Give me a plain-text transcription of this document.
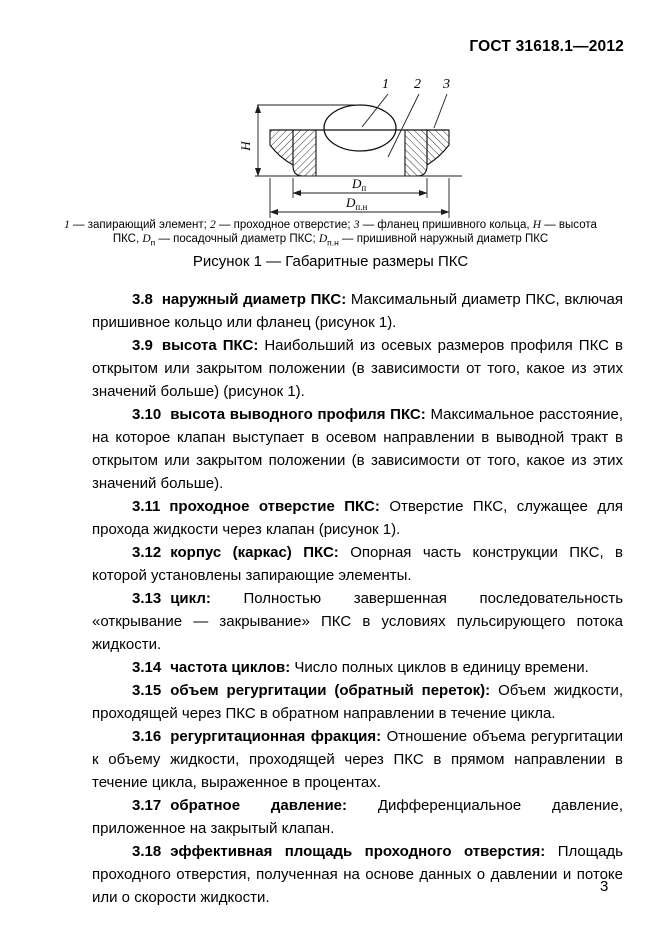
ГОСТ 31618.1—2012
H
$D_п$
$D_{п.н}$
1 2 3
1 — запирающий элемент; 2 — проходное отверстие; 3 — фланец пришивного кольца, H — высота ПКС, $D_п$ — посадочный диаметр ПКС; $D_{п.н}$ — пришивной наружный диаметр ПКС
Рисунок 1 — Габаритные размеры ПКС

3.8 наружный диаметр ПКС: Максимальный диаметр ПКС, включая пришивное кольцо или фланец (рисунок 1).

3.9 высота ПКС: Наибольший из осевых размеров профиля ПКС в открытом или закрытом положении (в зависимости от того, какое из этих значений больше) (рисунок 1).

3.10 высота выводного профиля ПКС: Максимальное расстояние, на которое клапан выступает в осевом направлении в выводной тракт в открытом или закрытом положении (в зависимости от того, какое из этих значений больше).

3.11 проходное отверстие ПКС: Отверстие ПКС, служащее для прохода жидкости через клапан (рисунок 1).

3.12 корпус (каркас) ПКС: Опорная часть конструкции ПКС, в которой установлены запирающие элементы.

3.13 цикл: Полностью завершенная последовательность «открывание — закрывание» ПКС в условиях пульсирующего потока жидкости.

3.14 частота циклов: Число полных циклов в единицу времени.

3.15 объем регургитации (обратный переток): Объем жидкости, проходящей через ПКС в обратном направлении в течение цикла.

3.16 регургитационная фракция: Отношение объема регургитации к объему жидкости, проходящей через ПКС в прямом направлении в течение цикла, выраженное в процентах.

3.17 обратное давление: Дифференциальное давление, приложенное на закрытый клапан.

3.18 эффективная площадь проходного отверстия: Площадь проходного отверстия, полученная на основе данных о давлении и потоке или о скорости жидкости.

3
